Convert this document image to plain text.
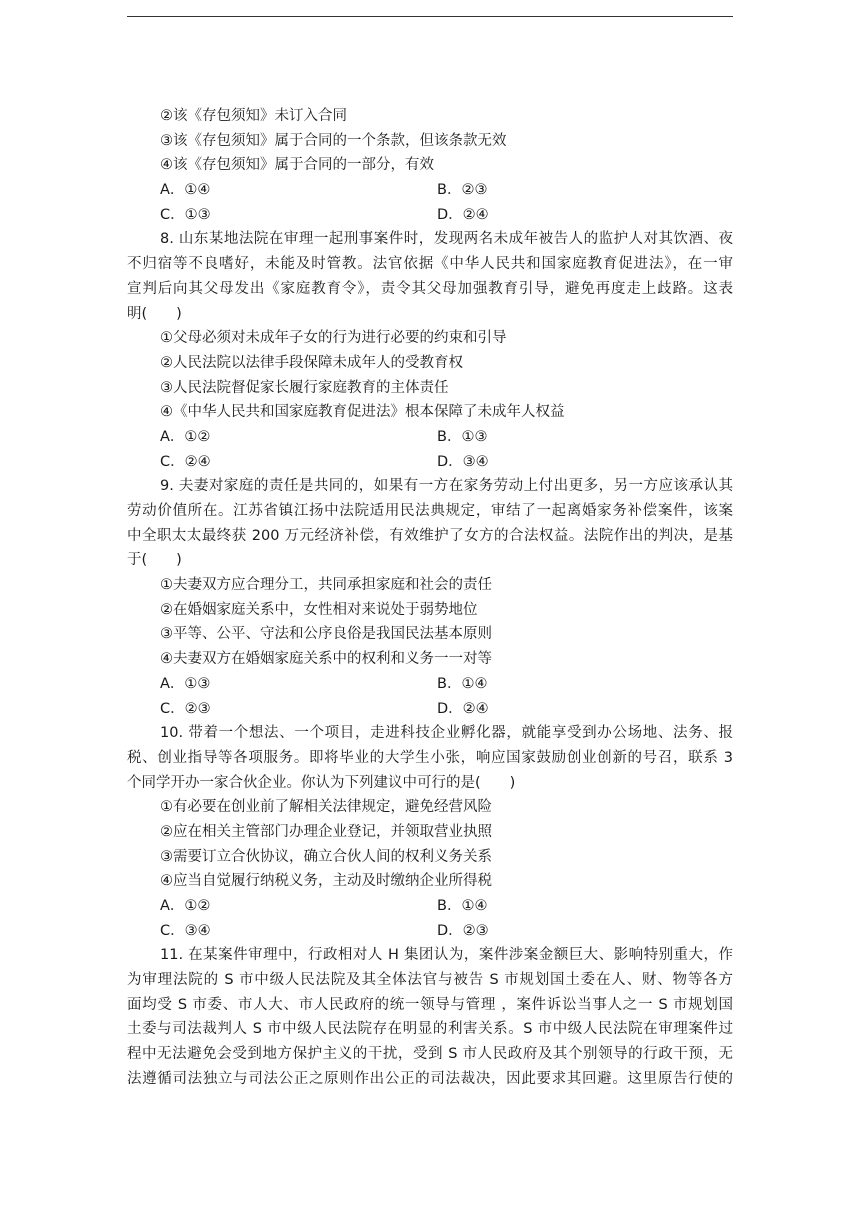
②该《存包须知》未订入合同
③该《存包须知》属于合同的一个条款，但该条款无效
④该《存包须知》属于合同的一部分，有效
A．①④	B．②③
C．①③	D．②④
8. 山东某地法院在审理一起刑事案件时，发现两名未成年被告人的监护人对其饮酒、夜
不归宿等不良嗜好，未能及时管教。法官依据《中华人民共和国家庭教育促进法》，在一审
宣判后向其父母发出《家庭教育令》，责令其父母加强教育引导，避免再度走上歧路。这表
明(　　)
①父母必须对未成年子女的行为进行必要的约束和引导
②人民法院以法律手段保障未成年人的受教育权
③人民法院督促家长履行家庭教育的主体责任
④《中华人民共和国家庭教育促进法》根本保障了未成年人权益
A．①②	B．①③
C．②④	D．③④
9. 夫妻对家庭的责任是共同的，如果有一方在家务劳动上付出更多，另一方应该承认其
劳动价值所在。江苏省镇江扬中法院适用民法典规定，审结了一起离婚家务补偿案件，该案
中全职太太最终获 200 万元经济补偿，有效维护了女方的合法权益。法院作出的判决，是基
于(　　)
①夫妻双方应合理分工，共同承担家庭和社会的责任
②在婚姻家庭关系中，女性相对来说处于弱势地位
③平等、公平、守法和公序良俗是我国民法基本原则
④夫妻双方在婚姻家庭关系中的权利和义务一一对等
A．①③	B．①④
C．②③	D．②④
10. 带着一个想法、一个项目，走进科技企业孵化器，就能享受到办公场地、法务、报
税、创业指导等各项服务。即将毕业的大学生小张，响应国家鼓励创业创新的号召，联系 3
个同学开办一家合伙企业。你认为下列建议中可行的是(　　)
①有必要在创业前了解相关法律规定，避免经营风险
②应在相关主管部门办理企业登记，并领取营业执照
③需要订立合伙协议，确立合伙人间的权利义务关系
④应当自觉履行纳税义务，主动及时缴纳企业所得税
A．①②	B．①④
C．③④	D．②③
11. 在某案件审理中，行政相对人 H 集团认为，案件涉案金额巨大、影响特别重大，作
为审理法院的 S 市中级人民法院及其全体法官与被告 S 市规划国土委在人、财、物等各方
面均受 S 市委、市人大、市人民政府的统一领导与管理 ，案件诉讼当事人之一 S 市规划国
土委与司法裁判人 S 市中级人民法院存在明显的利害关系。S 市中级人民法院在审理案件过
程中无法避免会受到地方保护主义的干扰，受到 S 市人民政府及其个别领导的行政干预，无
法遵循司法独立与司法公正之原则作出公正的司法裁决，因此要求其回避。这里原告行使的
